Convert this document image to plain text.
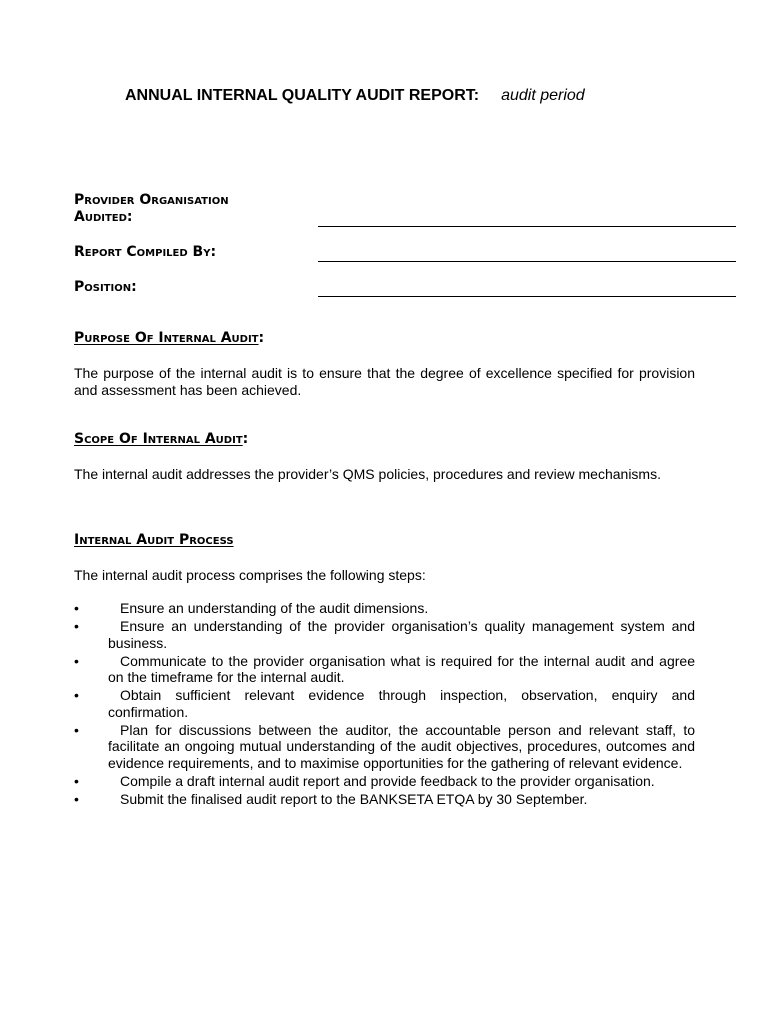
ANNUAL INTERNAL QUALITY AUDIT REPORT: audit period
Provider Organisation
Audited:
Report Compiled By:
Position:
Purpose Of Internal Audit:
The purpose of the internal audit is to ensure that the degree of excellence specified for provision and assessment has been achieved.
Scope Of Internal Audit:
The internal audit addresses the provider’s QMS policies, procedures and review mechanisms.
Internal Audit Process
The internal audit process comprises the following steps:
•	Ensure an understanding of the audit dimensions.
•	Ensure an understanding of the provider organisation’s quality management system and business.
•	Communicate to the provider organisation what is required for the internal audit and agree on the timeframe for the internal audit.
•	Obtain sufficient relevant evidence through inspection, observation, enquiry and confirmation.
•	Plan for discussions between the auditor, the accountable person and relevant staff, to facilitate an ongoing mutual understanding of the audit objectives, procedures, outcomes and evidence requirements, and to maximise opportunities for the gathering of relevant evidence.
•	Compile a draft internal audit report and provide feedback to the provider organisation.
•	Submit the finalised audit report to the BANKSETA ETQA by 30 September.
